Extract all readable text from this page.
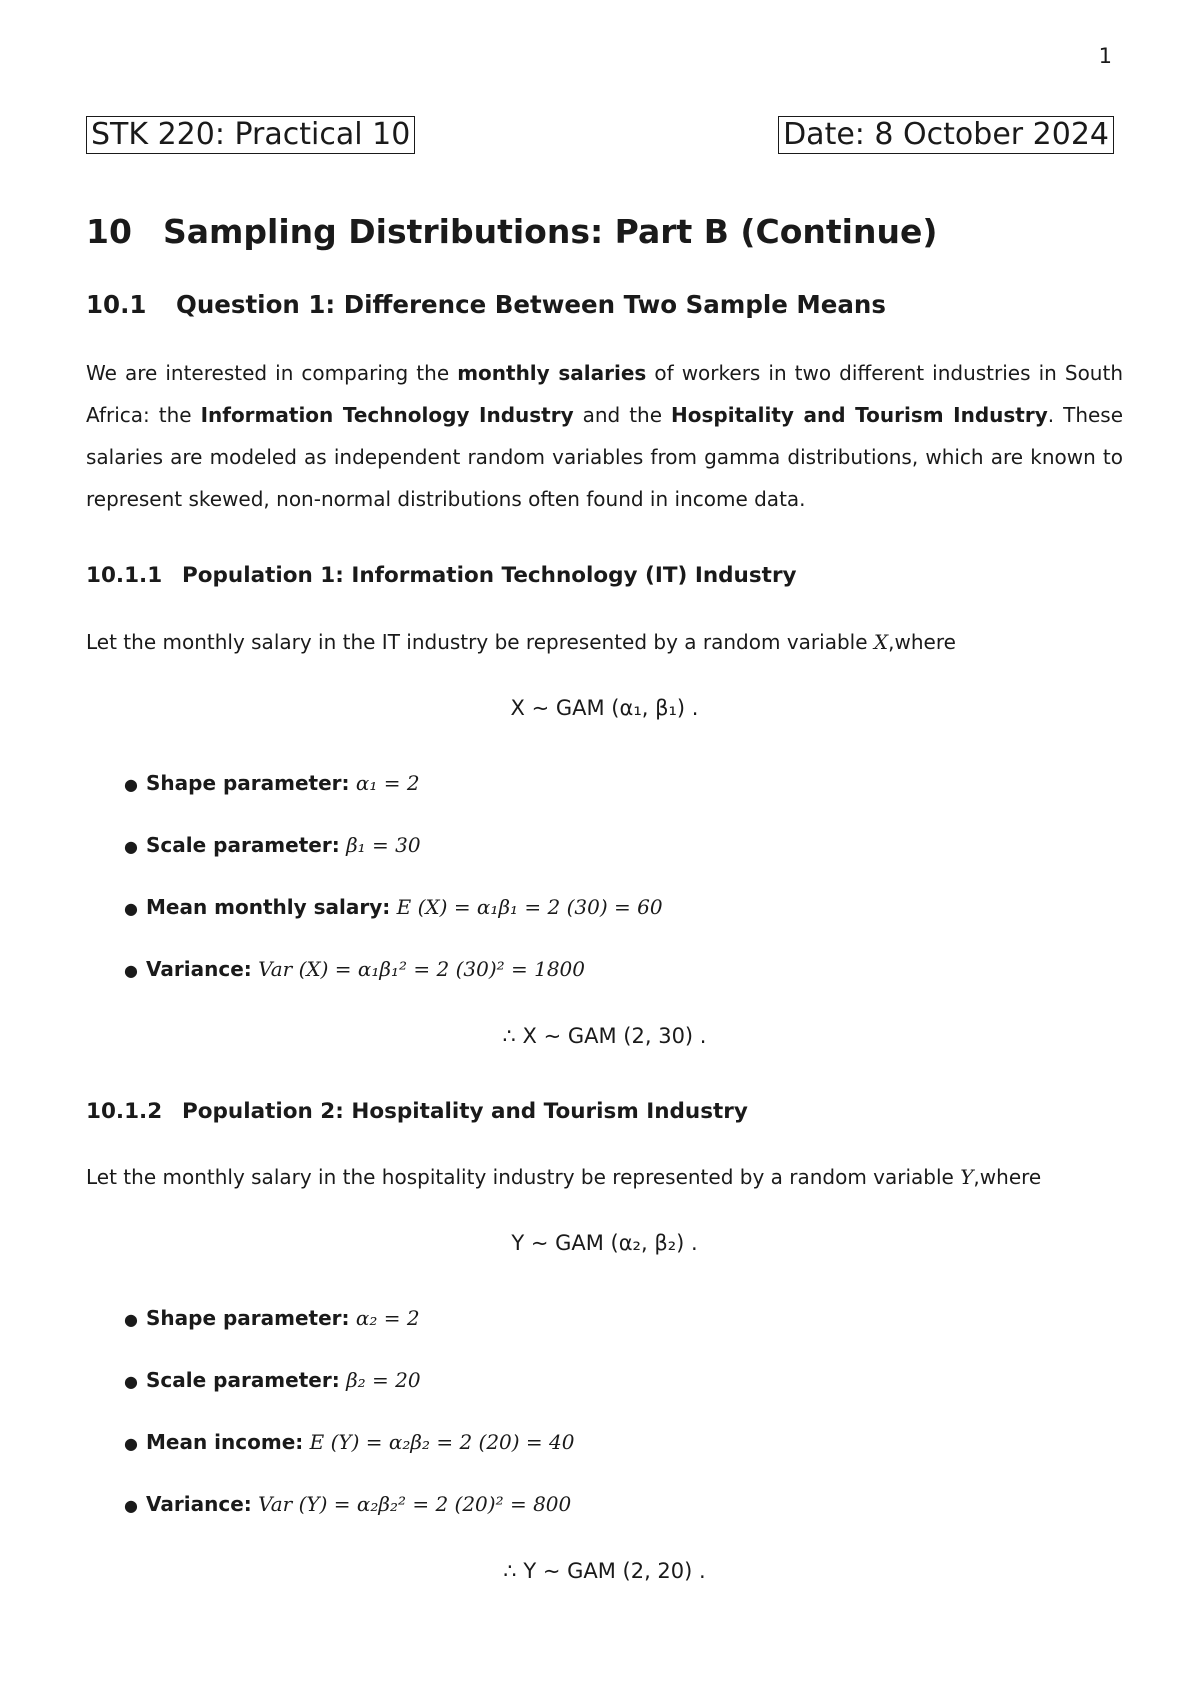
1
STK 220: Practical 10	Date: 8 October 2024
10 Sampling Distributions: Part B (Continue)
10.1 Question 1: Difference Between Two Sample Means
We are interested in comparing the monthly salaries of workers in two different industries in South Africa: the Information Technology Industry and the Hospitality and Tourism Industry. These salaries are modeled as independent random variables from gamma distributions, which are known to represent skewed, non-normal distributions often found in income data.
10.1.1 Population 1: Information Technology (IT) Industry
Let the monthly salary in the IT industry be represented by a random variable X,where
X ∼ GAM (α₁, β₁) .
● Shape parameter: α₁ = 2
● Scale parameter: β₁ = 30
● Mean monthly salary: E (X) = α₁β₁ = 2 (30) = 60
● Variance: Var (X) = α₁β₁² = 2 (30)² = 1800
∴ X ∼ GAM (2, 30) .
10.1.2 Population 2: Hospitality and Tourism Industry
Let the monthly salary in the hospitality industry be represented by a random variable Y,where
Y ∼ GAM (α₂, β₂) .
● Shape parameter: α₂ = 2
● Scale parameter: β₂ = 20
● Mean income: E (Y) = α₂β₂ = 2 (20) = 40
● Variance: Var (Y) = α₂β₂² = 2 (20)² = 800
∴ Y ∼ GAM (2, 20) .
